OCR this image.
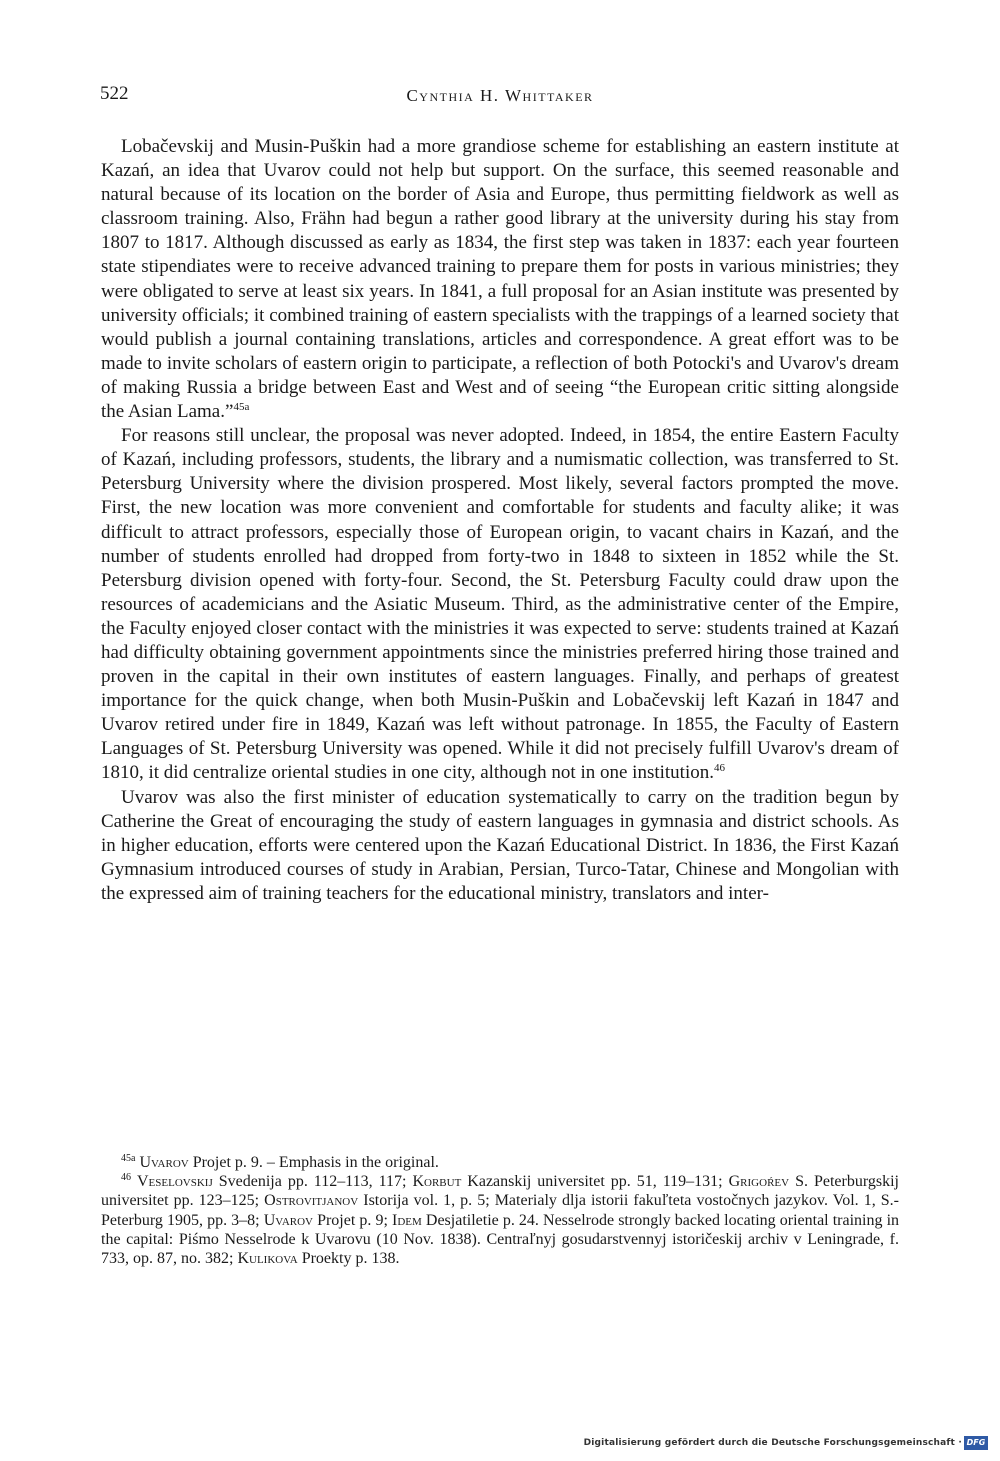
522	Cynthia H. Whittaker

Lobačevskij and Musin-Puškin had a more grandiose scheme for establishing an eastern institute at Kazań, an idea that Uvarov could not help but support. On the surface, this seemed reasonable and natural because of its location on the border of Asia and Europe, thus permitting fieldwork as well as classroom training. Also, Frähn had begun a rather good library at the university during his stay from 1807 to 1817. Although discussed as early as 1834, the first step was taken in 1837: each year fourteen state stipendiates were to receive advanced training to prepare them for posts in various ministries; they were obligated to serve at least six years. In 1841, a full proposal for an Asian institute was presented by university officials; it combined training of eastern specialists with the trappings of a learned society that would publish a journal containing translations, articles and correspondence. A great effort was to be made to invite scholars of eastern origin to participate, a reflection of both Potocki's and Uvarov's dream of making Russia a bridge between East and West and of seeing “the European critic sitting alongside the Asian Lama.”$^{45a}$

For reasons still unclear, the proposal was never adopted. Indeed, in 1854, the entire Eastern Faculty of Kazań, including professors, students, the library and a numismatic collection, was transferred to St. Petersburg University where the division prospered. Most likely, several factors prompted the move. First, the new location was more convenient and comfortable for students and faculty alike; it was difficult to attract professors, especially those of European origin, to vacant chairs in Kazań, and the number of students enrolled had dropped from forty-two in 1848 to sixteen in 1852 while the St. Petersburg division opened with forty-four. Second, the St. Petersburg Faculty could draw upon the resources of academicians and the Asiatic Museum. Third, as the administrative center of the Empire, the Faculty enjoyed closer contact with the ministries it was expected to serve: students trained at Kazań had difficulty obtaining government appointments since the ministries preferred hiring those trained and proven in the capital in their own institutes of eastern languages. Finally, and perhaps of greatest importance for the quick change, when both Musin-Puškin and Lobačevskij left Kazań in 1847 and Uvarov retired under fire in 1849, Kazań was left without patronage. In 1855, the Faculty of Eastern Languages of St. Petersburg University was opened. While it did not precisely fulfill Uvarov's dream of 1810, it did centralize oriental studies in one city, although not in one institution.$^{46}$

Uvarov was also the first minister of education systematically to carry on the tradition begun by Catherine the Great of encouraging the study of eastern languages in gymnasia and district schools. As in higher education, efforts were centered upon the Kazań Educational District. In 1836, the First Kazań Gymnasium introduced courses of study in Arabian, Persian, Turco-Tatar, Chinese and Mongolian with the expressed aim of training teachers for the educational ministry, translators and inter-

$^{45a}$ Uvarov Projet p. 9. – Emphasis in the original.

$^{46}$ Veselovskij Svedenija pp. 112–113, 117; Korbut Kazanskij universitet pp. 51, 119–131; Grigoŕev S. Peterburgskij universitet pp. 123–125; Ostrovitjanov Istorija vol. 1, p. 5; Materialy dlja istorii fakuľteta vostočnych jazykov. Vol. 1, S.-Peterburg 1905, pp. 3–8; Uvarov Projet p. 9; Idem Desjatiletie p. 24. Nesselrode strongly backed locating oriental training in the capital: Piśmo Nesselrode k Uvarovu (10 Nov. 1838). Centraľnyj gosudarstvennyj istoričeskij archiv v Leningrade, f. 733, op. 87, no. 382; Kulikova Proekty p. 138.

Digitalisierung gefördert durch die Deutsche Forschungsgemeinschaft · DFG
